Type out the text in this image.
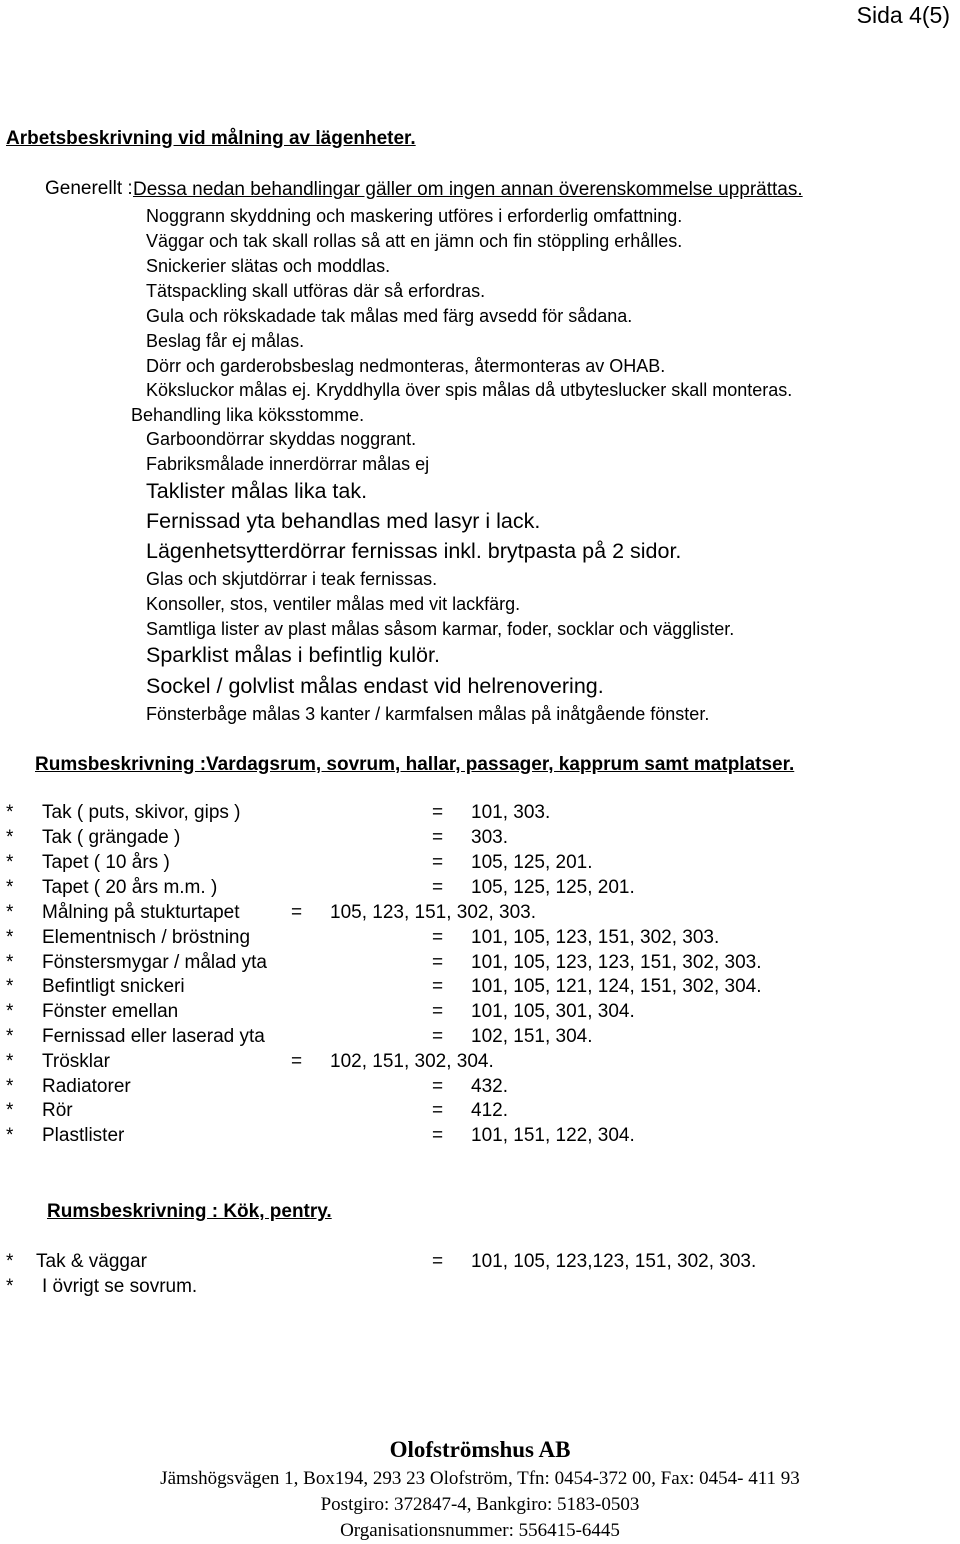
Sida 4(5)
Arbetsbeskrivning vid målning av lägenheter.
Generellt : Dessa nedan behandlingar gäller om ingen annan överenskommelse upprättas.
Noggrann skyddning och maskering utföres i erforderlig omfattning.
Väggar och tak skall rollas så att en jämn och fin stöppling erhålles.
Snickerier slätas och moddlas.
Tätspackling skall utföras där så erfordras.
Gula och rökskadade tak målas med färg avsedd för sådana.
Beslag får ej målas.
Dörr och garderobsbeslag nedmonteras, återmonteras av OHAB.
Köksluckor målas ej. Kryddhylla över spis målas då utbyteslucker skall monteras.
Behandling lika köksstomme.
Garboondörrar skyddas noggrant.
Fabriksmålade innerdörrar målas ej
Taklister målas lika tak.
Fernissad yta behandlas med lasyr i lack.
Lägenhetsytterdörrar fernissas inkl. brytpasta på 2 sidor.
Glas och skjutdörrar i teak fernissas.
Konsoller, stos, ventiler målas med vit lackfärg.
Samtliga lister av plast målas såsom karmar, foder, socklar och vägglister.
Sparklist målas i befintlig kulör.
Sockel / golvlist målas endast vid helrenovering.
Fönsterbåge målas 3 kanter / karmfalsen målas på inåtgående fönster.
Rumsbeskrivning :Vardagsrum, sovrum, hallar, passager, kapprum samt matplatser.
* Tak ( puts, skivor, gips )	= 101, 303.
* Tak ( grängade )	= 303.
* Tapet ( 10 års )	= 105, 125, 201.
* Tapet ( 20 års m.m. )	= 105, 125, 125, 201.
* Målning på stukturtapet	= 105, 123, 151, 302, 303.
* Elementnisch / bröstning	= 101, 105, 123, 151, 302, 303.
* Fönstersmygar / målad yta	= 101, 105, 123, 123, 151, 302, 303.
* Befintligt snickeri	= 101, 105, 121, 124, 151, 302, 304.
* Fönster emellan	= 101, 105, 301, 304.
* Fernissad eller laserad yta	= 102, 151, 304.
* Trösklar	= 102, 151, 302, 304.
* Radiatorer	= 432.
* Rör	= 412.
* Plastlister	= 101, 151, 122, 304.
Rumsbeskrivning : Kök, pentry.
* Tak & väggar	= 101, 105, 123,123, 151, 302, 303.
* I övrigt se sovrum.
Olofströmshus AB
Jämshögsvägen 1, Box194, 293 23 Olofström, Tfn: 0454-372 00, Fax: 0454- 411 93
Postgiro: 372847-4, Bankgiro: 5183-0503
Organisationsnummer: 556415-6445
